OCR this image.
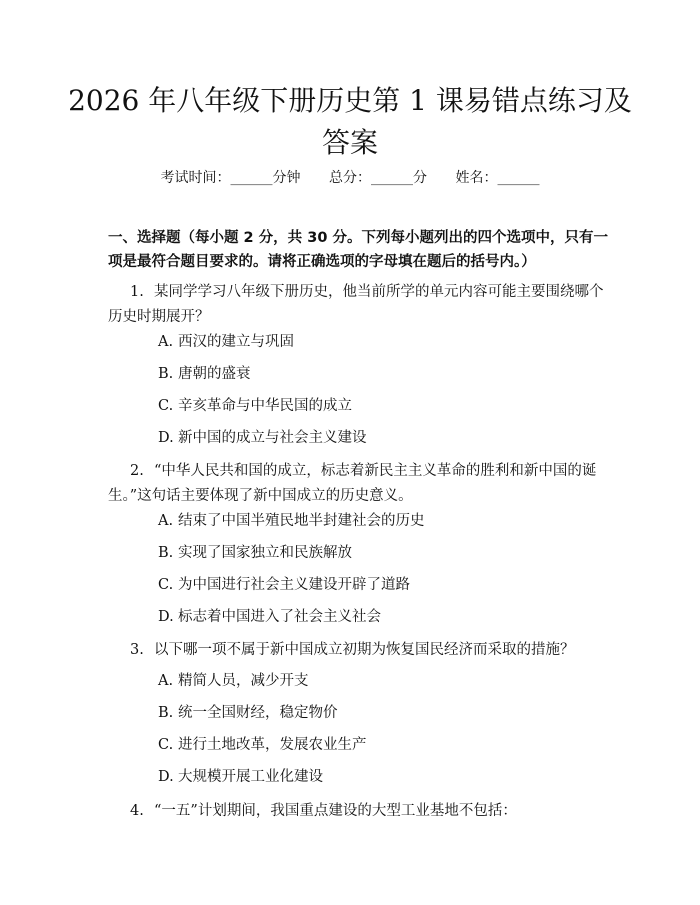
2026 年八年级下册历史第 1 课易错点练习及答案
考试时间：______分钟 总分：______分 姓名：______
一、选择题（每小题 2 分，共 30 分。下列每小题列出的四个选项中，只有一项是最符合题目要求的。请将正确选项的字母填在题后的括号内。）
1. 某同学学习八年级下册历史，他当前所学的单元内容可能主要围绕哪个历史时期展开？
A. 西汉的建立与巩固
B. 唐朝的盛衰
C. 辛亥革命与中华民国的成立
D. 新中国的成立与社会主义建设
2. “中华人民共和国的成立，标志着新民主主义革命的胜利和新中国的诞生。”这句话主要体现了新中国成立的历史意义。
A. 结束了中国半殖民地半封建社会的历史
B. 实现了国家独立和民族解放
C. 为中国进行社会主义建设开辟了道路
D. 标志着中国进入了社会主义社会
3. 以下哪一项不属于新中国成立初期为恢复国民经济而采取的措施？
A. 精简人员，减少开支
B. 统一全国财经，稳定物价
C. 进行土地改革，发展农业生产
D. 大规模开展工业化建设
4. “一五”计划期间，我国重点建设的大型工业基地不包括：
